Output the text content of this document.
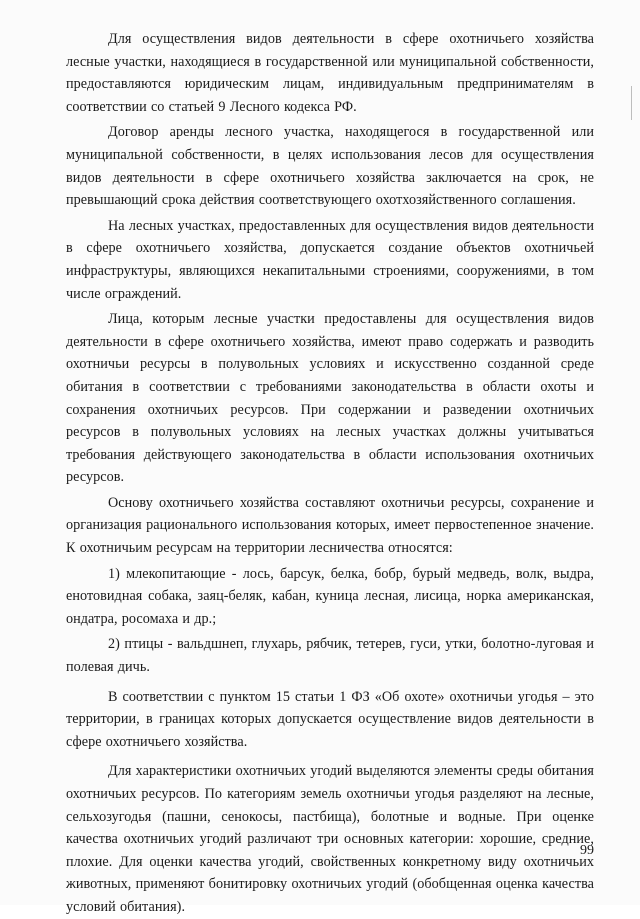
Для осуществления видов деятельности в сфере охотничьего хозяйства лесные участки, находящиеся в государственной или муниципальной собственности, предоставляются юридическим лицам, индивидуальным предпринимателям в соответствии со статьей 9 Лесного кодекса РФ.

Договор аренды лесного участка, находящегося в государственной или муниципальной собственности, в целях использования лесов для осуществления видов деятельности в сфере охотничьего хозяйства заключается на срок, не превышающий срока действия соответствующего охотхозяйственного соглашения.

На лесных участках, предоставленных для осуществления видов деятельности в сфере охотничьего хозяйства, допускается создание объектов охотничьей инфраструктуры, являющихся некапитальными строениями, сооружениями, в том числе ограждений.

Лица, которым лесные участки предоставлены для осуществления видов деятельности в сфере охотничьего хозяйства, имеют право содержать и разводить охотничьи ресурсы в полувольных условиях и искусственно созданной среде обитания в соответствии с требованиями законодательства в области охоты и сохранения охотничьих ресурсов. При содержании и разведении охотничьих ресурсов в полувольных условиях на лесных участках должны учитываться требования действующего законодательства в области использования охотничьих ресурсов.

Основу охотничьего хозяйства составляют охотничьи ресурсы, сохранение и организация рационального использования которых, имеет первостепенное значение. К охотничьим ресурсам на территории лесничества относятся:

1) млекопитающие - лось, барсук, белка, бобр, бурый медведь, волк, выдра, енотовидная собака, заяц-беляк, кабан, куница лесная, лисица, норка американская, ондатра, росомаха и др.;

2) птицы - вальдшнеп, глухарь, рябчик, тетерев, гуси, утки, болотно-луговая и полевая дичь.

В соответствии с пунктом 15 статьи 1 ФЗ «Об охоте» охотничьи угодья – это территории, в границах которых допускается осуществление видов деятельности в сфере охотничьего хозяйства.

Для характеристики охотничьих угодий выделяются элементы среды обитания охотничьих ресурсов. По категориям земель охотничьи угодья разделяют на лесные, сельхозугодья (пашни, сенокосы, пастбища), болотные и водные. При оценке качества охотничьих угодий различают три основных категории: хорошие, средние, плохие. Для оценки качества угодий, свойственных конкретному виду охотничьих животных, применяют бонитировку охотничьих угодий (обобщенная оценка качества условий обитания).

99
